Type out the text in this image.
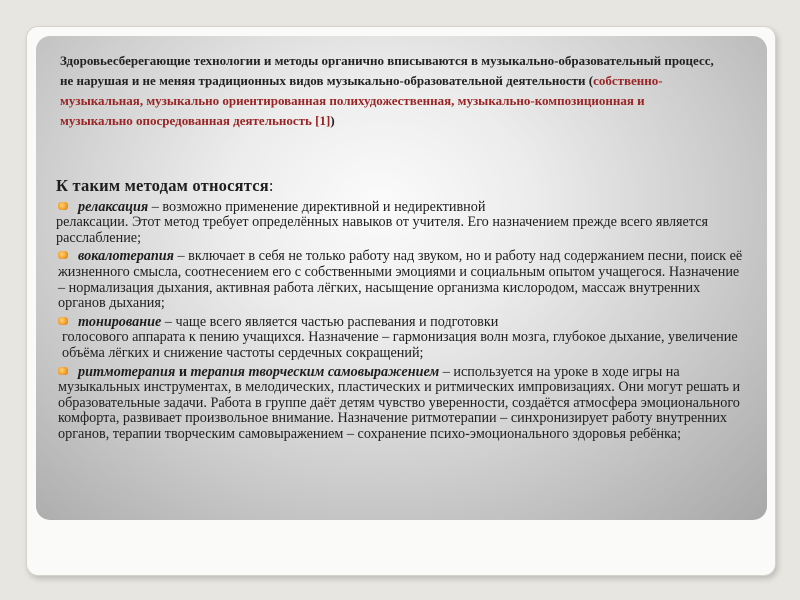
Здоровьесберегающие технологии и методы органично вписываются в музыкально-образовательный процесс, не нарушая и не меняя традиционных видов музыкально-образовательной деятельности (собственно-музыкальная, музыкально ориентированная полихудожественная, музыкально-композиционная и музыкально опосредованная деятельность [1])
К таким методам относятся:
релаксация – возможно применение директивной и недирективной
релаксации. Этот метод требует определённых навыков от учителя. Его назначением прежде всего является расслабление;
вокалотерапия – включает в себя не только работу над звуком, но и работу над содержанием песни, поиск её жизненного смысла, соотнесением его с собственными эмоциями и социальным опытом учащегося. Назначение – нормализация дыхания, активная работа лёгких, насыщение организма кислородом, массаж внутренних органов дыхания;
тонирование – чаще всего является частью распевания и подготовки
голосового аппарата к пению учащихся. Назначение – гармонизация волн мозга, глубокое дыхание, увеличение объёма лёгких и снижение частоты сердечных сокращений;
ритмотерапия и терапия творческим самовыражением – используется на уроке в ходе игры на музыкальных инструментах, в мелодических, пластических и ритмических импровизациях. Они могут решать и образовательные задачи. Работа в группе даёт детям чувство уверенности, создаётся атмосфера эмоционального комфорта, развивает произвольное внимание. Назначение ритмотерапии – синхронизирует работу внутренних органов, терапии творческим самовыражением – сохранение психо-эмоционального здоровья ребёнка;
